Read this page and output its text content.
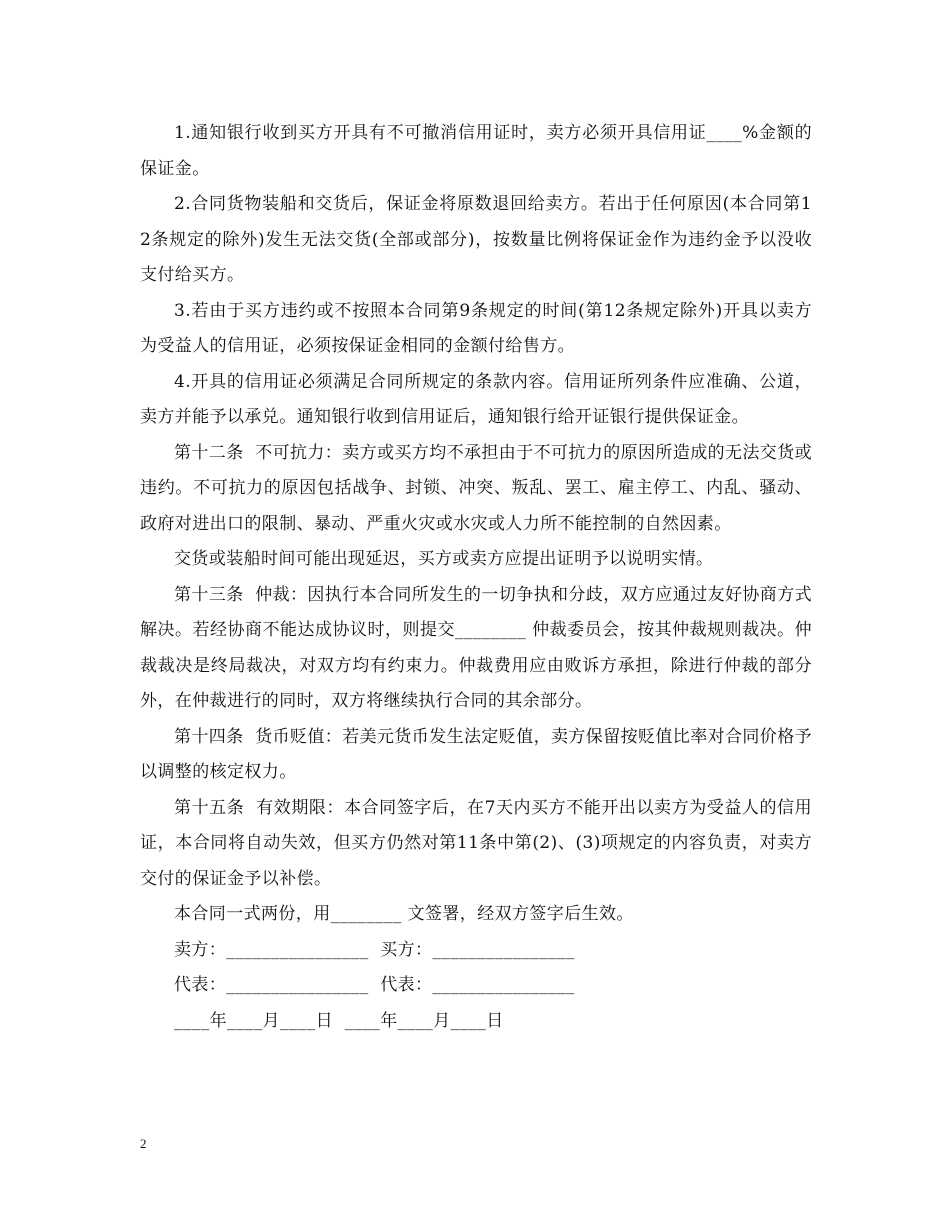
1.通知银行收到买方开具有不可撤消信用证时，卖方必须开具信用证____%金额的保证金。

2.合同货物装船和交货后，保证金将原数退回给卖方。若出于任何原因(本合同第12条规定的除外)发生无法交货(全部或部分)，按数量比例将保证金作为违约金予以没收支付给买方。

3.若由于买方违约或不按照本合同第9条规定的时间(第12条规定除外)开具以卖方为受益人的信用证，必须按保证金相同的金额付给售方。

4.开具的信用证必须满足合同所规定的条款内容。信用证所列条件应准确、公道，卖方并能予以承兑。通知银行收到信用证后，通知银行给开证银行提供保证金。

第十二条  不可抗力：卖方或买方均不承担由于不可抗力的原因所造成的无法交货或违约。不可抗力的原因包括战争、封锁、冲突、叛乱、罢工、雇主停工、内乱、骚动、政府对进出口的限制、暴动、严重火灾或水灾或人力所不能控制的自然因素。

交货或装船时间可能出现延迟，买方或卖方应提出证明予以说明实情。

第十三条  仲裁：因执行本合同所发生的一切争执和分歧，双方应通过友好协商方式解决。若经协商不能达成协议时，则提交________ 仲裁委员会，按其仲裁规则裁决。仲裁裁决是终局裁决，对双方均有约束力。仲裁费用应由败诉方承担，除进行仲裁的部分外，在仲裁进行的同时，双方将继续执行合同的其余部分。

第十四条  货币贬值：若美元货币发生法定贬值，卖方保留按贬值比率对合同价格予以调整的核定权力。

第十五条  有效期限：本合同签字后，在7天内买方不能开出以卖方为受益人的信用证，本合同将自动失效，但买方仍然对第11条中第(2)、(3)项规定的内容负责，对卖方交付的保证金予以补偿。

本合同一式两份，用________ 文签署，经双方签字后生效。

卖方：________________  买方：________________

代表：________________  代表：________________

____年____月____日  ____年____月____日

2
